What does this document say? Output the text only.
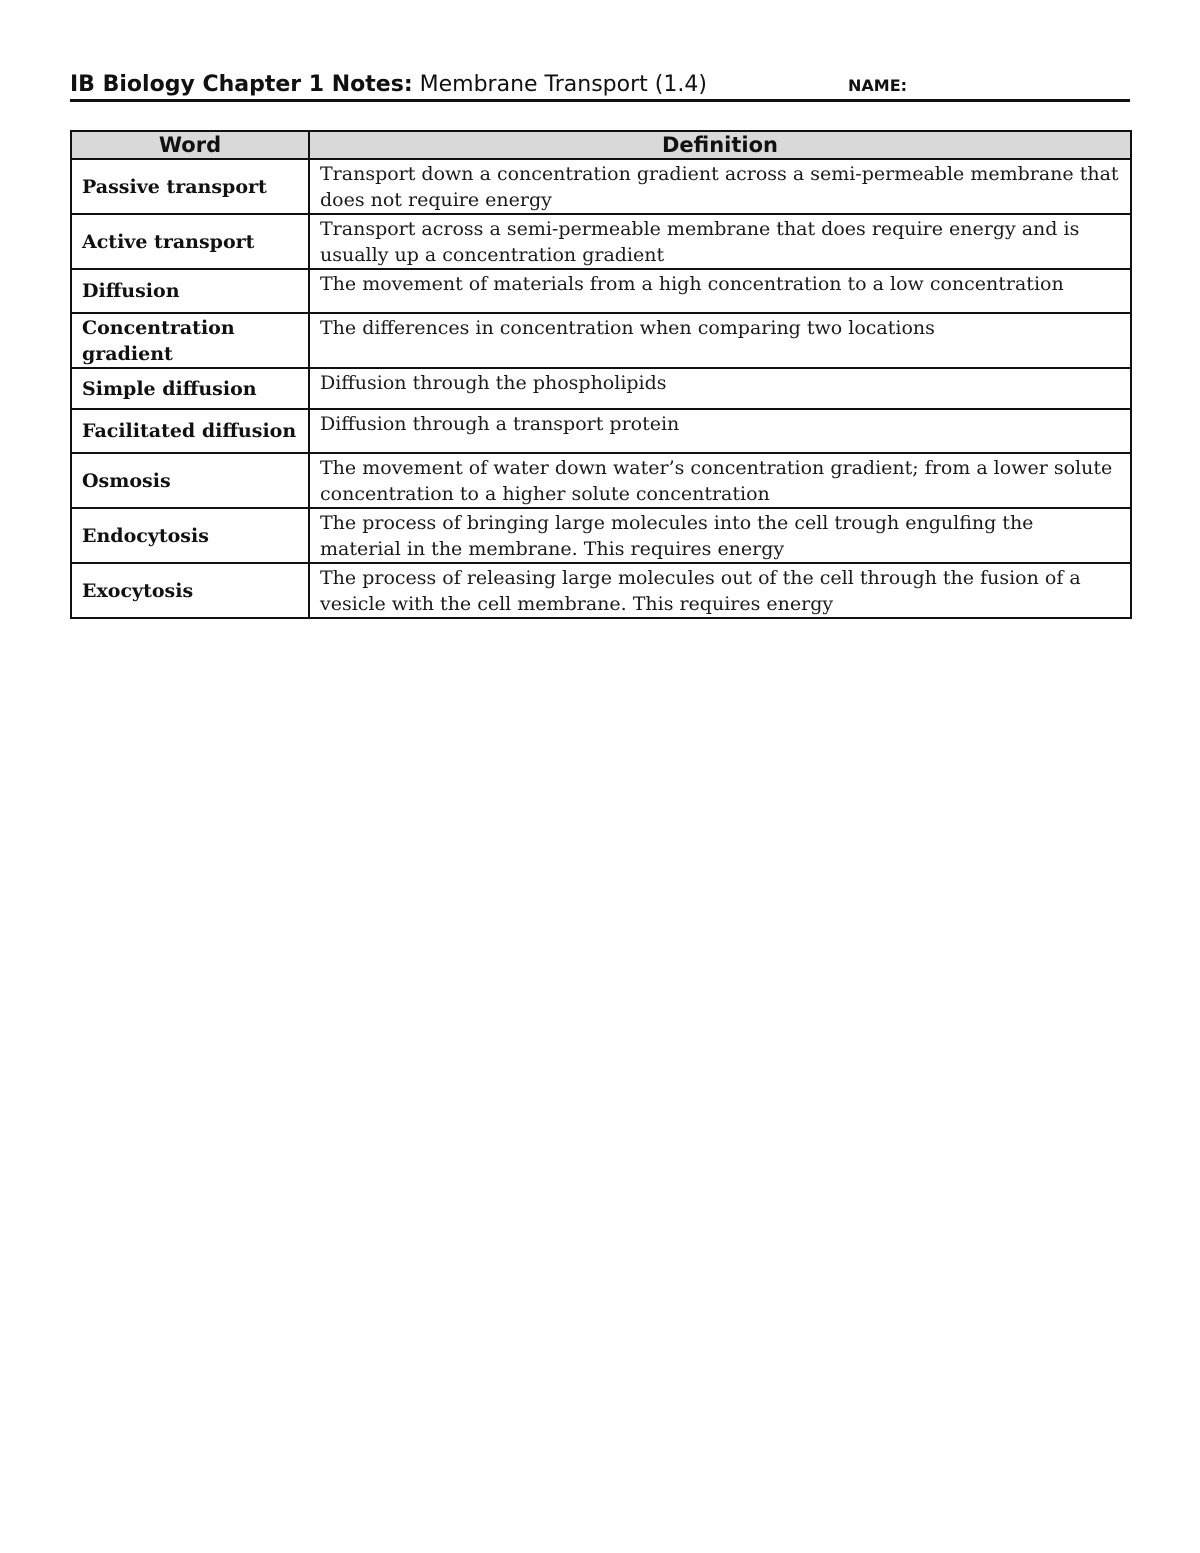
IB Biology Chapter 1 Notes: Membrane Transport (1.4)	NAME:
Word	Definition
Passive transport	Transport down a concentration gradient across a semi-permeable membrane that does not require energy
Active transport	Transport across a semi-permeable membrane that does require energy and is usually up a concentration gradient
Diffusion	The movement of materials from a high concentration to a low concentration
Concentration gradient	The differences in concentration when comparing two locations
Simple diffusion	Diffusion through the phospholipids
Facilitated diffusion	Diffusion through a transport protein
Osmosis	The movement of water down water’s concentration gradient; from a lower solute concentration to a higher solute concentration
Endocytosis	The process of bringing large molecules into the cell trough engulfing the material in the membrane. This requires energy
Exocytosis	The process of releasing large molecules out of the cell through the fusion of a vesicle with the cell membrane. This requires energy
